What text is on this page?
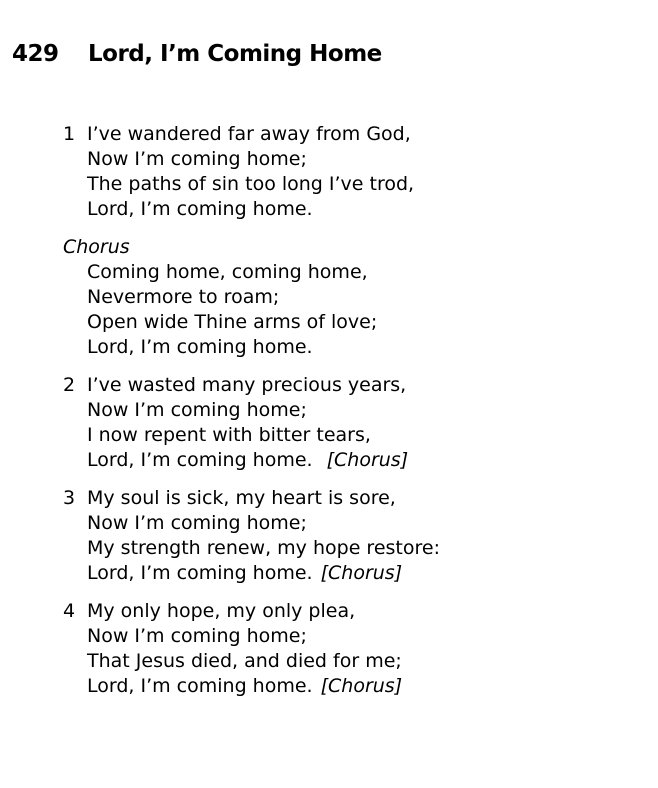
429 Lord, I’m Coming Home
1 I’ve wandered far away from God,
Now I’m coming home;
The paths of sin too long I’ve trod,
Lord, I’m coming home.
Chorus
Coming home, coming home,
Nevermore to roam;
Open wide Thine arms of love;
Lord, I’m coming home.
2 I’ve wasted many precious years,
Now I’m coming home;
I now repent with bitter tears,
Lord, I’m coming home. [Chorus]
3 My soul is sick, my heart is sore,
Now I’m coming home;
My strength renew, my hope restore:
Lord, I’m coming home. [Chorus]
4 My only hope, my only plea,
Now I’m coming home;
That Jesus died, and died for me;
Lord, I’m coming home. [Chorus]
